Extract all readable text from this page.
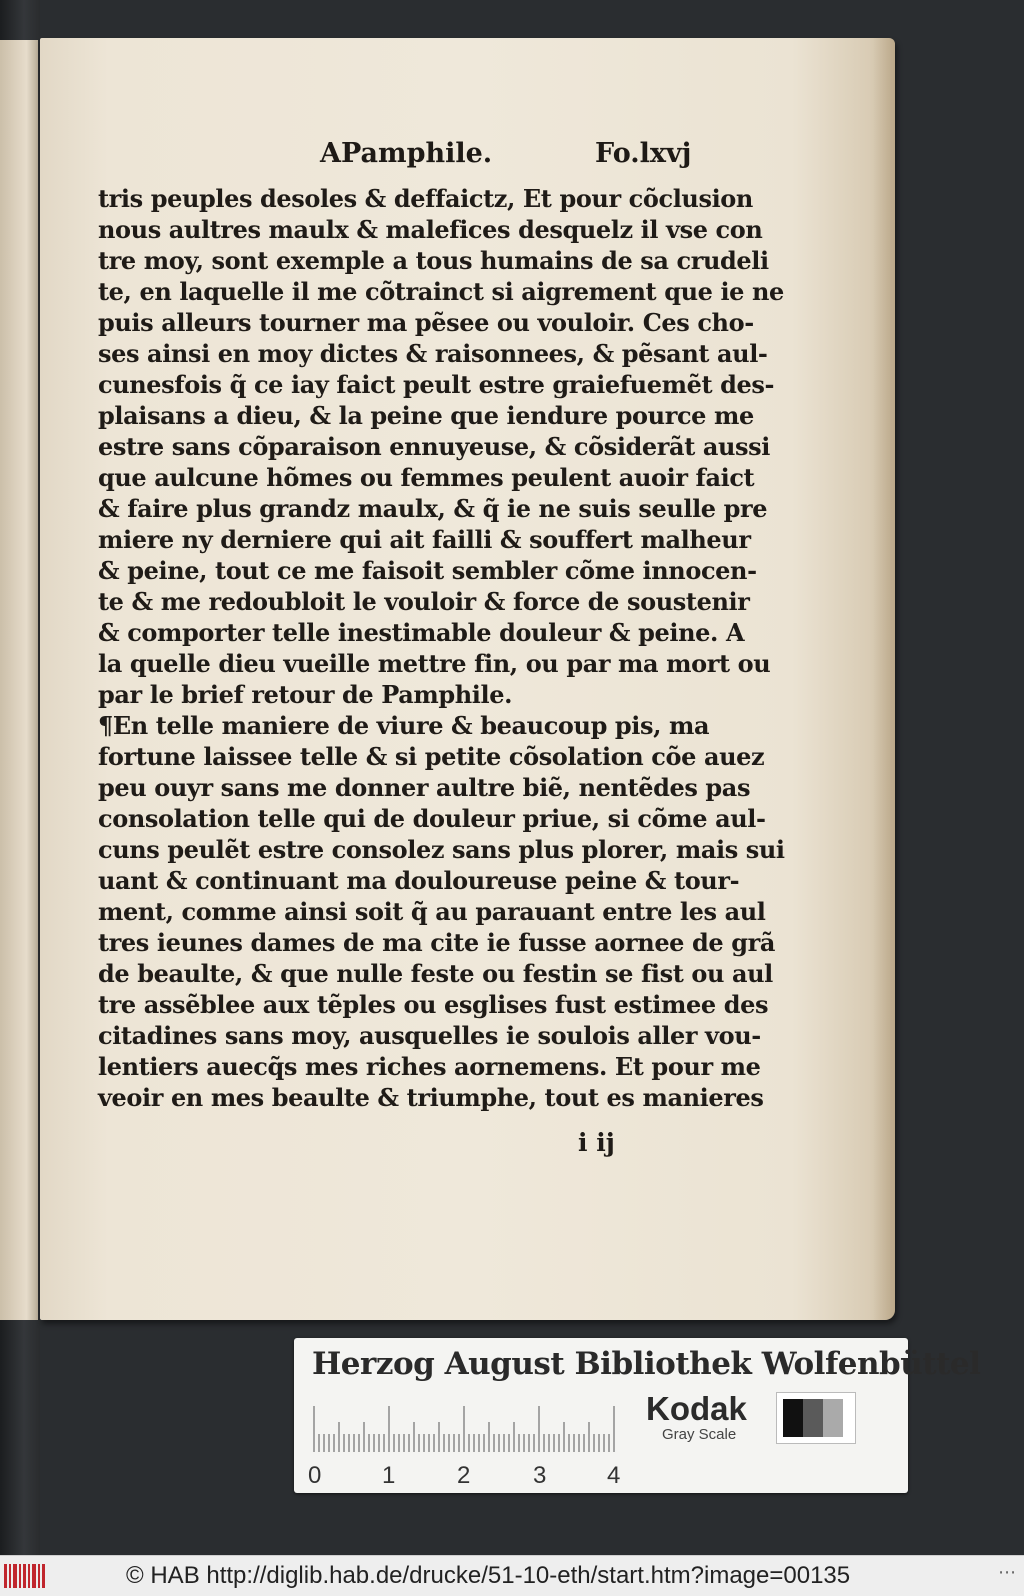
APamphile.	Fo.lxvj
tris peuples desoles & deffaictz, Et pour cõclusion
nous aultres maulx & malefices desquelz il vse con
tre moy, sont exemple a tous humains de sa crudeli
te, en laquelle il me cõtrainct si aigrement que ie ne
puis alleurs tourner ma pẽsee ou vouloir. Ces cho-
ses ainsi en moy dictes & raisonnees, & pẽsant aul-
cunesfois q̃ ce iay faict peult estre graiefuemẽt des-
plaisans a dieu, & la peine que iendure pource me
estre sans cõparaison ennuyeuse, & cõsiderãt aussi
que aulcune hõmes ou femmes peulent auoir faict
& faire plus grandz maulx, & q̃ ie ne suis seulle pre
miere ny derniere qui ait failli & souffert malheur
& peine, tout ce me faisoit sembler cõme innocen-
te & me redoubloit le vouloir & force de soustenir
& comporter telle inestimable douleur & peine. A
la quelle dieu vueille mettre fin, ou par ma mort ou
par le brief retour de Pamphile.
¶En telle maniere de viure & beaucoup pis, ma
fortune laissee telle & si petite cõsolation cõe auez
peu ouyr sans me donner aultre biẽ, nentẽdes pas
consolation telle qui de douleur priue, si cõme aul-
cuns peulẽt estre consolez sans plus plorer, mais sui
uant & continuant ma douloureuse peine & tour-
ment, comme ainsi soit q̃ au parauant entre les aul
tres ieunes dames de ma cite ie fusse aornee de grã
de beaulte, & que nulle feste ou festin se fist ou aul
tre assẽblee aux tẽples ou esglises fust estimee des
citadines sans moy, ausquelles ie soulois aller vou-
lentiers auecq̃s mes riches aornemens. Et pour me
veoir en mes beaulte & triumphe, tout es manieres
i ij
Herzog August Bibliothek Wolfenbüttel
0	1	2	3	4
Kodak
Gray Scale
© HAB http://diglib.hab.de/drucke/51-10-eth/start.htm?image=00135	⋯
